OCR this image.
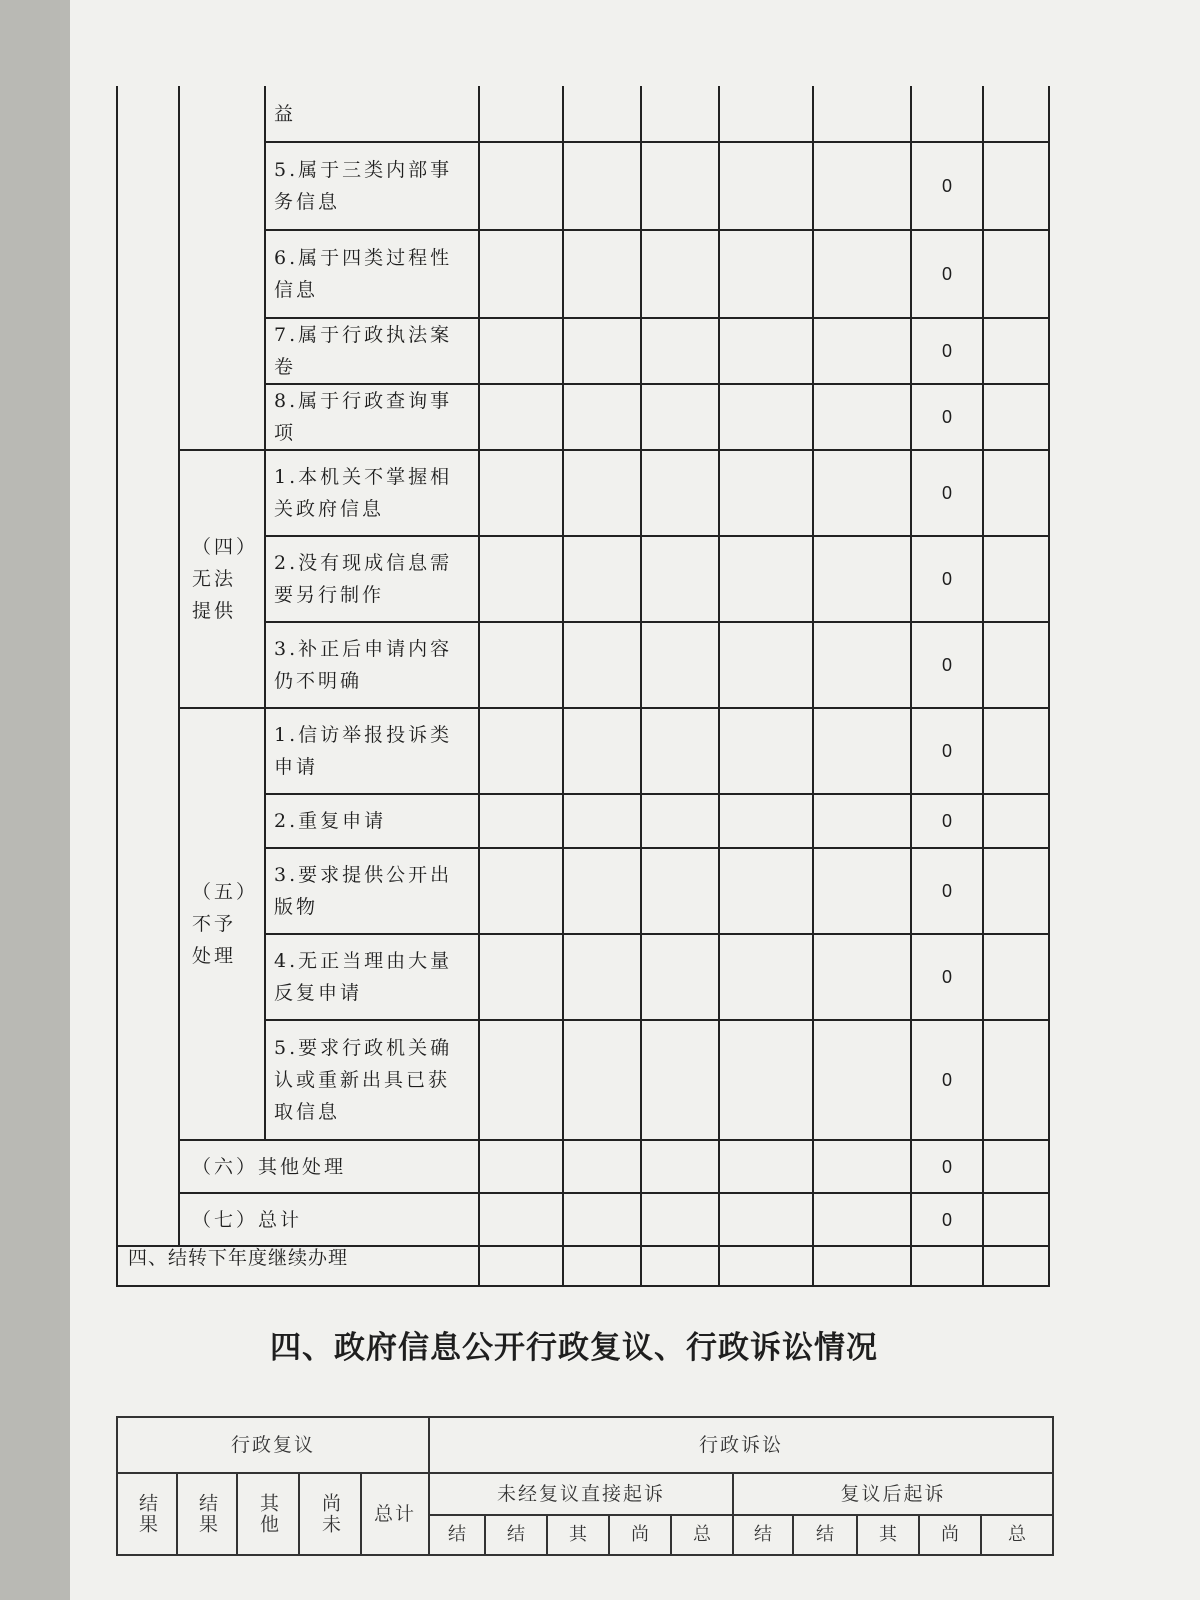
		益							
		5.属于三类内部事务信息						0	
		6.属于四类过程性信息						0	
		7.属于行政执法案卷						0	
		8.属于行政查询事项						0	
	（四）无法提供	1.本机关不掌握相关政府信息						0	
		2.没有现成信息需要另行制作						0	
		3.补正后申请内容仍不明确						0	
	（五）不予处理	1.信访举报投诉类申请						0	
		2.重复申请						0	
		3.要求提供公开出版物						0	
		4.无正当理由大量反复申请						0	
		5.要求行政机关确认或重新出具已获取信息						0	
	（六）其他处理							0	
	（七）总计							0	
四、结转下年度继续办理							
四、政府信息公开行政复议、行政诉讼情况
行政复议					行政诉讼									
结果	结果	其他	尚未	总计	未经复议直接起诉					复议后起诉				
					结	结	其	尚	总	结	结	其	尚	总
